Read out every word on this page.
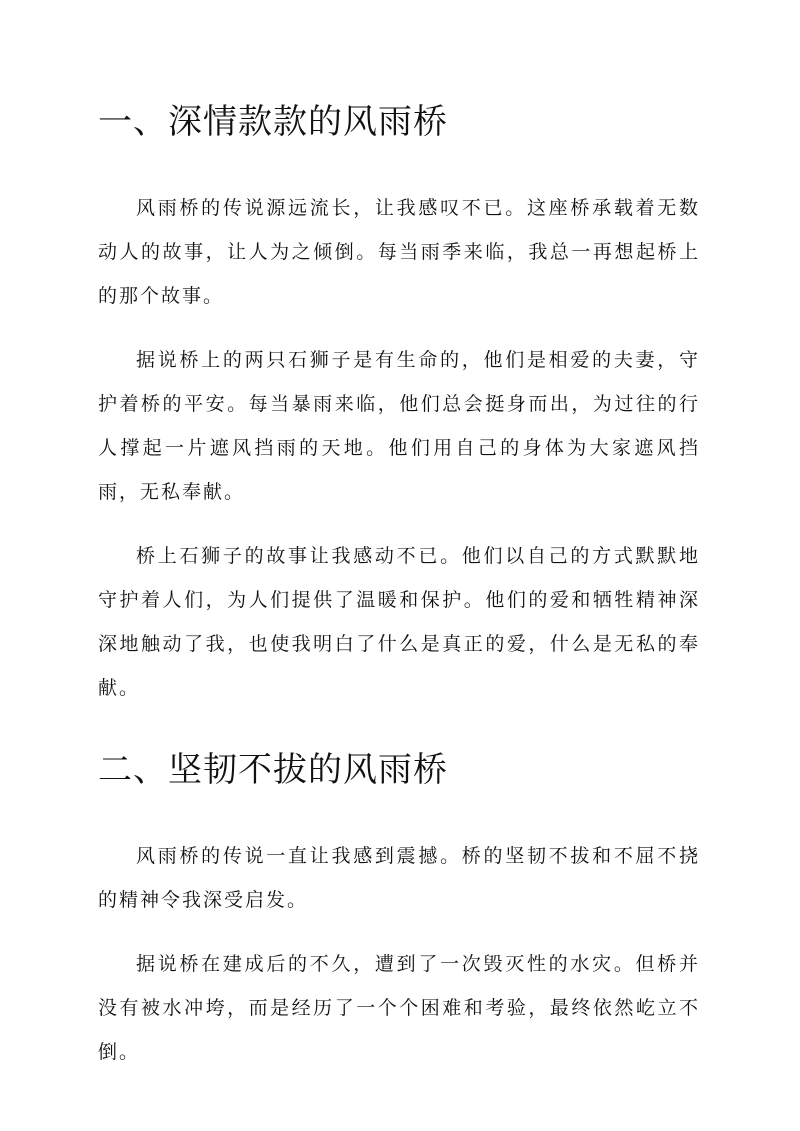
一、深情款款的风雨桥

风雨桥的传说源远流长，让我感叹不已。这座桥承载着无数动人的故事，让人为之倾倒。每当雨季来临，我总一再想起桥上的那个故事。

据说桥上的两只石狮子是有生命的，他们是相爱的夫妻，守护着桥的平安。每当暴雨来临，他们总会挺身而出，为过往的行人撑起一片遮风挡雨的天地。他们用自己的身体为大家遮风挡雨，无私奉献。

桥上石狮子的故事让我感动不已。他们以自己的方式默默地守护着人们，为人们提供了温暖和保护。他们的爱和牺牲精神深深地触动了我，也使我明白了什么是真正的爱，什么是无私的奉献。

二、坚韧不拔的风雨桥

风雨桥的传说一直让我感到震撼。桥的坚韧不拔和不屈不挠的精神令我深受启发。

据说桥在建成后的不久，遭到了一次毁灭性的水灾。但桥并没有被水冲垮，而是经历了一个个困难和考验，最终依然屹立不倒。
